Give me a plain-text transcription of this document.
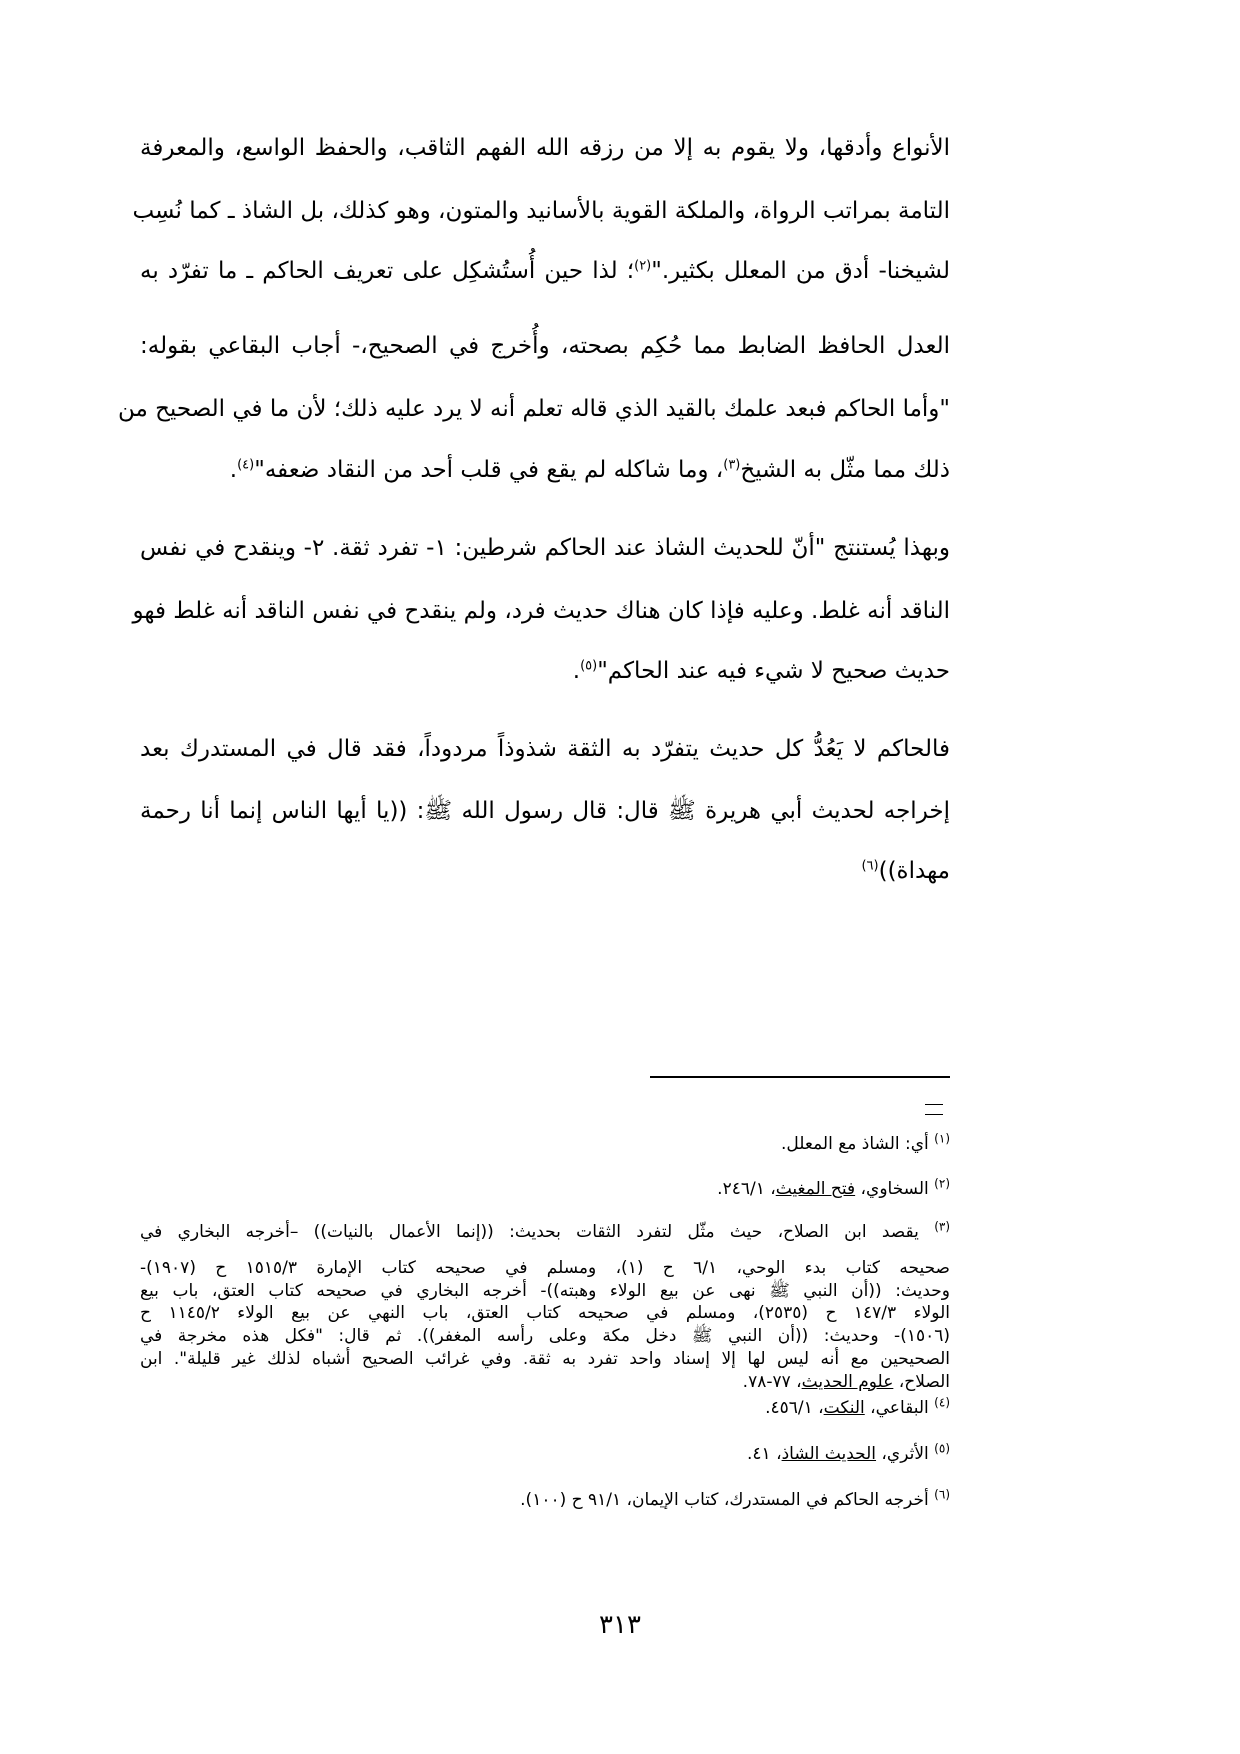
الأنواع وأدقها، ولا يقوم به إلا من رزقه الله الفهم الثاقب، والحفظ الواسع، والمعرفة

التامة بمراتب الرواة، والملكة القوية بالأسانيد والمتون، وهو كذلك، بل الشاذ ـ كما نُسِب

لشيخنا- أدق من المعلل بكثير."$^{(٢)}$؛ لذا حين أُستُشكِل على تعريف الحاكم ـ ما تفرّد به

العدل الحافظ الضابط مما حُكِم بصحته، وأُخرج في الصحيح،- أجاب البقاعي بقوله:

"وأما الحاكم فبعد علمك بالقيد الذي قاله تعلم أنه لا يرد عليه ذلك؛ لأن ما في الصحيح من

ذلك مما مثّل به الشيخ$^{(٣)}$، وما شاكله لم يقع في قلب أحد من النقاد ضعفه"$^{(٤)}$.

وبهذا يُستنتج "أنّ للحديث الشاذ عند الحاكم شرطين: ١- تفرد ثقة. ٢- وينقدح في نفس

الناقد أنه غلط. وعليه فإذا كان هناك حديث فرد، ولم ينقدح في نفس الناقد أنه غلط فهو

حديث صحيح لا شيء فيه عند الحاكم"$^{(٥)}$.

فالحاكم لا يَعُدُّ كل حديث يتفرّد به الثقة شذوذاً مردوداً، فقد قال في المستدرك بعد

إخراجه لحديث أبي هريرة ﷺ قال: قال رسول الله ﷺ: ((يا أيها الناس إنما أنا رحمة

مهداة))$^{(٦)}$

$^{(١)}$ أي: الشاذ مع المعلل.

$^{(٢)}$ السخاوي، فتح المغيث، ٢٤٦/١.

$^{(٣)}$ يقصد ابن الصلاح، حيث مثّل لتفرد الثقات بحديث: ((إنما الأعمال بالنيات)) –أخرجه البخاري في

صحيحه كتاب بدء الوحي، ٦/١ ح (١)، ومسلم في صحيحه كتاب الإمارة ١٥١٥/٣ ح (١٩٠٧)-

وحديث: ((أن النبي ﷺ نهى عن بيع الولاء وهبته))- أخرجه البخاري في صحيحه كتاب العتق، باب بيع

الولاء ١٤٧/٣ ح (٢٥٣٥)، ومسلم في صحيحه كتاب العتق، باب النهي عن بيع الولاء ١١٤٥/٢ ح

(١٥٠٦)- وحديث: ((أن النبي ﷺ دخل مكة وعلى رأسه المغفر)). ثم قال: "فكل هذه مخرجة في

الصحيحين مع أنه ليس لها إلا إسناد واحد تفرد به ثقة. وفي غرائب الصحيح أشباه لذلك غير قليلة". ابن

الصلاح، علوم الحديث، ٧٧-٧٨.

$^{(٤)}$ البقاعي، النكت، ٤٥٦/١.

$^{(٥)}$ الأثري، الحديث الشاذ، ٤١.

$^{(٦)}$ أخرجه الحاكم في المستدرك، كتاب الإيمان، ٩١/١ ح (١٠٠).

٣١٣
